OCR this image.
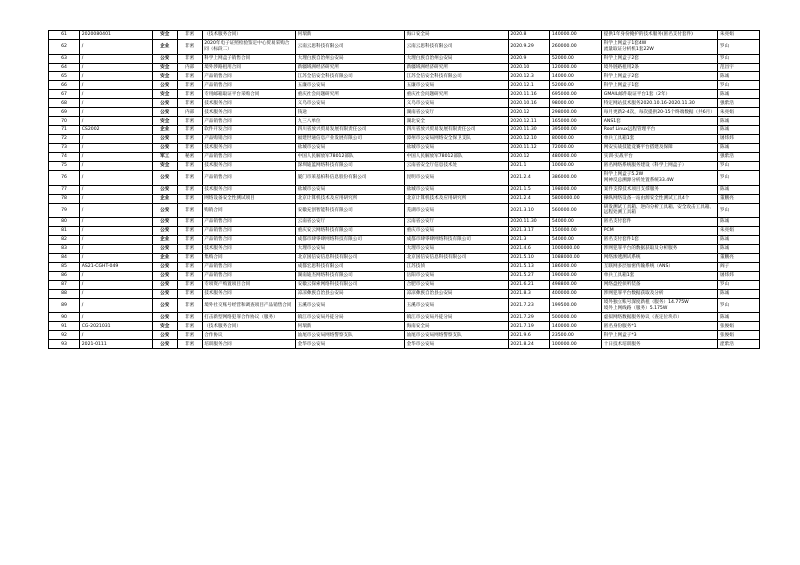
61	2020080401	安全	非密	（技术服务合同）	何瑞新	海口安全局	2020.8	140000.00	提供1年身份掩护的技术服务(匿名支付套件)	朱亮娟
62	/	企业	非密	2020年电子证照检验鉴定中心贸易采购合同（标段二）	云南云思科技有限公司	云南云思科技有限公司	2020.9.29	260000.00	科学上网盒子1套4W
流量取证分析机1套22W	罗山
63	/	公安	非密	科学上网盒子销售合同	大理白族自治州公安局	大理白族自治州公安局	2020.9	52000.00	科学上网盒子2套	罗山
64	/	安全	内部	境外涉路租用合同	新疆域洲经济研究所	新疆域洲经济研究所	2020.10	120000.00	境外链路租用2条	范昌宇
65	/	安全	非密	产品销售合同	江苏全信安全科技有限公司	江苏全信安全科技有限公司	2020.12.3	14000.00	科学上网盒子2套	陈诚
66	/	公安	非密	产品销售合同	五廉市公安局	五廉市公安局	2020.12.1	52000.00	科学上网盒子1套	罗山
67	/	安全	非密	专用邮箱取证平台采购合同	重庆社会问题研究所	重庆社会问题研究所	2020.11.16	695000.00	GMAIL邮件取证平台1套（2年）	陈诚
68	/	公安	非密	技术服务合同	义乌市公安局	义乌市公安局	2020.10.16	98000.00	特定网站技术服务2020.10.16-2020.11.30	强紫浩
69	/	公安	内部	技术服务合同	钱途	湖南省公安厅	2020.12	298000.00	每月更新2-4次，每次提供20-15个终端数据（共6月）	朱亮娟
70	/	安全	非密	产品销售合同	九三八单位	湖北安全	2020.12.11	165000.00	ANS1套	陈诚
71	CS2002	企业	非密	软件开发合同	四川省放兴贸易发展有限责任公司	四川省放兴贸易发展有限责任公司	2020.11.30	395000.00	Roof Linux远程管理平台	陈诚
72	/	公安	非密	产品购销合同	福建世通信息产业发展有限公司	漳州市公安局网络安全保卫支队	2020.12.10	80000.00	单兵工具箱1套	屠炜炜
73	/	公安	非密	技术服务合同	盐城市公安局	盐城市公安局	2020.11.12	72000.00	网安实战技能竞赛平台搭建及保障	陈诚
74	/	军工	秘密	产品销售合同	中国人民解放军78012部队	中国人民解放军78012部队	2020.12	480000.00	实训·实战平台	强紫浩
75	/	安全	非密	技术服务合同	深圳迪蓝网络科技有限公司	云南省安全厅信息技术处	2021.1	10000.00	匿名网络系统服务建设（科学上网盒子）	罗山
76	/	公安	非密	产品销售合同	厦门市莱基柏科信息股份有限公司	昆明市公安局	2021.2.4	386000.00	科学上网盒子5.2W
网神反总溯源分析处置系统33.4W	罗山
77	/	公安	非密	技术服务合同	盐城市公安局	盐城市公安局	2021.1.5	198000.00	案件支撑技术项目支撑服务	陈诚
78	/	企业	非密	网络设备安全性测试项目	北京计算机技术及应用研究所	北京计算机技术及应用研究所	2021.2.4	5800000.00	操纵网络设备一站由源安全性测试工具4个	董鹏亮
79	/	公安	非密	购销合同	安徽充创智能科技有限公司	芜湖市公安局	2021.3.10	560000.00	研发测试工具箱、逆向分析工具箱、安全攻击工具箱、远程处测工具箱	罗山
80	/	公安	非密	产品销售合同	云南省公安厅	云南省公安厅	2020.11.30	54000.00	匿名支付套件	陈诚
81	/	公安	非密	产品销售合同	重庆安云网络科技有限公司	重庆市公安局	2021.3.17	150000.00	PCM	朱亮娟
82	/	企业	非密	产品销售合同	成都市肆零肆网络科技有限公司	成都市肆零肆网络科技有限公司	2021.3	54000.00	匿名支付套件1套	陈诚
83	/	公安	非密	技术服务合同	大理市公安局	大理市公安局	2021.4.6	1000000.00	涉网犯罪平台的数据获取及分析服务	陈诚
84	/	企业	非密	集购合同	北京国信安信息科技有限公司	北京国信安信息科技有限公司	2021.5.10	1088000.00	网络渗透测试系统	董鹏亮
85	AS21-CGHT-049	公安	非密	产品销售合同	成都宏思科技有限公司	江苏技侦	2021.5.13	186000.00	互联网多层加密传输系统（ANS）	阎子
86	/	公安	非密	产品销售合同	湖南迪杰网络科技有限公司	岳阳市公安局	2021.5.27	190000.00	单兵工具箱1套	屠炜炜
87	/	公安	非密	专项资产购置项目合同	安徽云探索网络科技有限公司	合肥市公安局	2021.6.21	498800.00	网络盘控侦听装备	罗山
88	/	公安	非密	技术服务合同	凉凉彝族自治县公安局	凉凉彝族自治县公安局	2021.8.3	400000.00	涉网犯罪平台数据获取及分析	陈诚
89	/	公安	非密	境外社交账号经营和调查项目产品销售合同	玉溪市公安局	玉溪市公安局	2021.7.23	199500.00	境外独立账号深度新租（服务）14.775W
境外上网线路（服务）5.175W	罗山
90	/	公安	非密	打击新型网络犯罪合作协议（服务）	镇江市公安局丹徒分局	镇江市公安局丹徒分局	2021.7.29	500000.00	虚拟网络数据服务协议（查定位块币）	陈诚
91	CG-2021031	安全	非密	（技术服务合同）	何瑞新	海南安全局	2021.7.19	140000.00	匿名身份服务*1	张俊娟
92	/	公安	非密	合作协议	汕尾市公安局网络警察支队	汕尾市公安局网络警察支队	2021.9.6	23500.00	科学上网盒子*3	张俊娟
93	2021-0111	公安	非密	培训服务合同	金华市公安局	金华市公安局	2021.8.24	100000.00	十日技术培训服务	涩紫浩
